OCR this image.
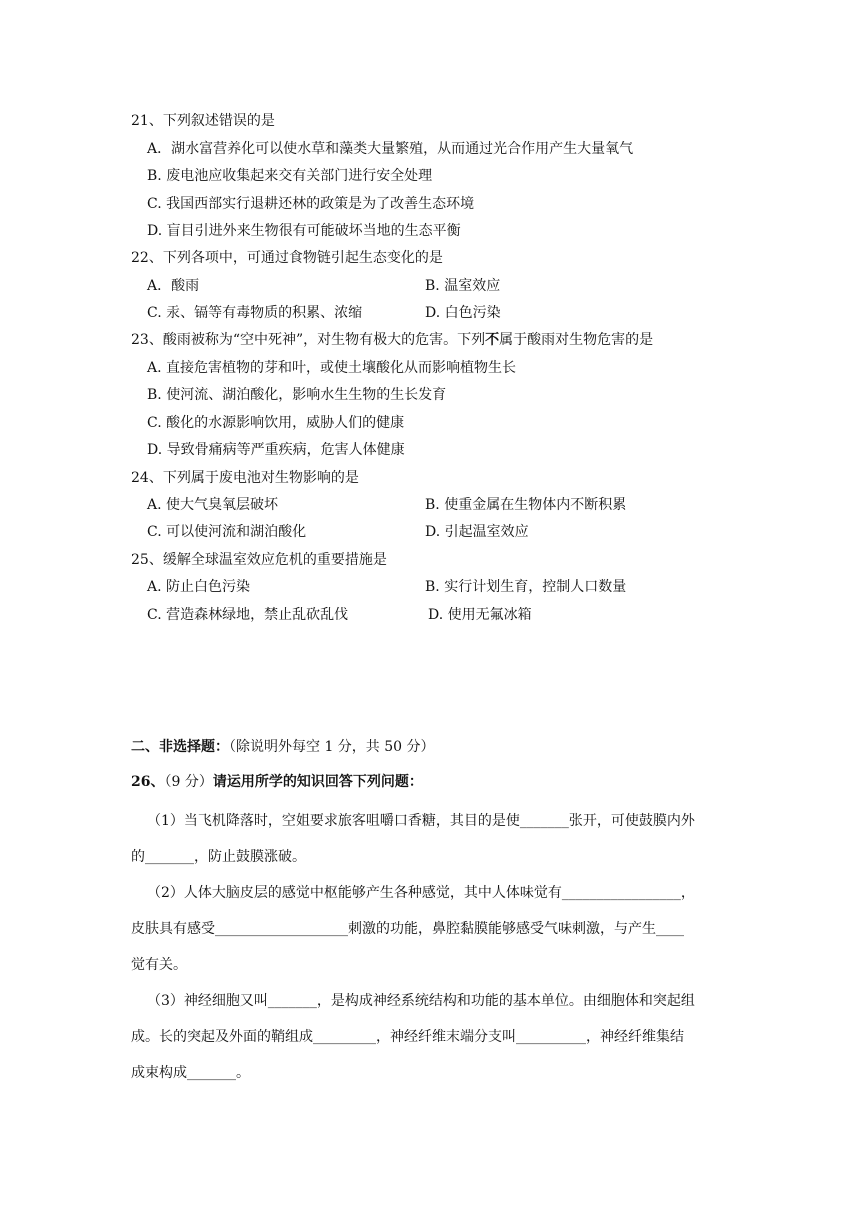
21、下列叙述错误的是
A．湖水富营养化可以使水草和藻类大量繁殖，从而通过光合作用产生大量氧气
B. 废电池应收集起来交有关部门进行安全处理
C. 我国西部实行退耕还林的政策是为了改善生态环境
D. 盲目引进外来生物很有可能破坏当地的生态平衡
22、下列各项中，可通过食物链引起生态变化的是
A．酸雨	B. 温室效应
C. 汞、镉等有毒物质的积累、浓缩	D. 白色污染
23、酸雨被称为“空中死神”，对生物有极大的危害。下列不属于酸雨对生物危害的是
A. 直接危害植物的芽和叶，或使土壤酸化从而影响植物生长
B. 使河流、湖泊酸化，影响水生生物的生长发育
C. 酸化的水源影响饮用，威胁人们的健康
D. 导致骨痛病等严重疾病，危害人体健康
24、下列属于废电池对生物影响的是
A. 使大气臭氧层破坏	B. 使重金属在生物体内不断积累
C. 可以使河流和湖泊酸化	D. 引起温室效应
25、缓解全球温室效应危机的重要措施是
A. 防止白色污染	B. 实行计划生育，控制人口数量
C. 营造森林绿地，禁止乱砍乱伐	D. 使用无氟冰箱
二、非选择题：（除说明外每空 1 分，共 50 分）
26、（9 分）请运用所学的知识回答下列问题：
（1）当飞机降落时，空姐要求旅客咀嚼口香糖，其目的是使_______张开，可使鼓膜内外
的_______，防止鼓膜涨破。
（2）人体大脑皮层的感觉中枢能够产生各种感觉，其中人体味觉有_________________，
皮肤具有感受___________________刺激的功能，鼻腔黏膜能够感受气味刺激，与产生____
觉有关。
（3）神经细胞又叫_______，是构成神经系统结构和功能的基本单位。由细胞体和突起组
成。长的突起及外面的鞘组成_________，神经纤维末端分支叫__________，神经纤维集结
成束构成_______。
